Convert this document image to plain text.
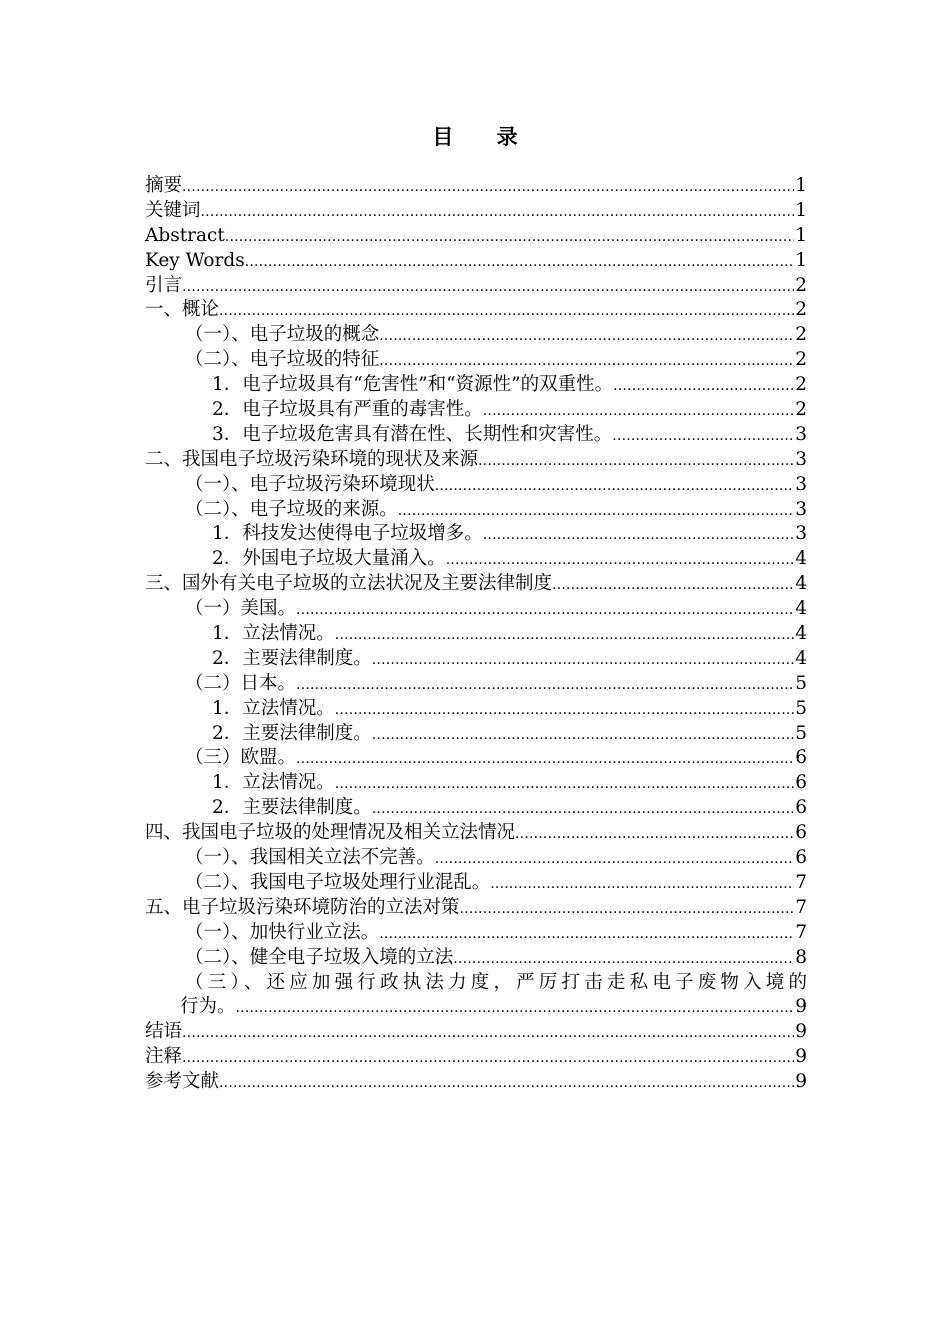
目 录
摘要 .....	1
关键词 .....	1
Abstract .....	1
Key Words .....	1
引言 .....	2
一、概论 .....	2
（一）、电子垃圾的概念 .....	2
（二）、电子垃圾的特征 .....	2
1．电子垃圾具有“危害性”和“资源性”的双重性。 .....	2
2．电子垃圾具有严重的毒害性。 .....	2
3．电子垃圾危害具有潜在性、长期性和灾害性。 .....	3
二、我国电子垃圾污染环境的现状及来源 .....	3
（一）、电子垃圾污染环境现状 .....	3
（二）、电子垃圾的来源。 .....	3
1．科技发达使得电子垃圾增多。 .....	3
2．外国电子垃圾大量涌入。 .....	4
三、国外有关电子垃圾的立法状况及主要法律制度 .....	4
（一）美国。 .....	4
1．立法情况。 .....	4
2．主要法律制度。 .....	4
（二）日本。 .....	5
1．立法情况。 .....	5
2．主要法律制度。 .....	5
（三）欧盟。 .....	6
1．立法情况。 .....	6
2．主要法律制度。 .....	6
四、我国电子垃圾的处理情况及相关立法情况 .....	6
（一）、我国相关立法不完善。 .....	6
（二）、我国电子垃圾处理行业混乱。 .....	7
五、电子垃圾污染环境防治的立法对策 .....	7
（一）、加快行业立法。 .....	7
（二）、健全电子垃圾入境的立法 .....	8
（三）、还应加强行政执法力度，严厉打击走私电子废物入境的
行为。 .....	9
结语 .....	9
注释 .....	9
参考文献 .....	9
